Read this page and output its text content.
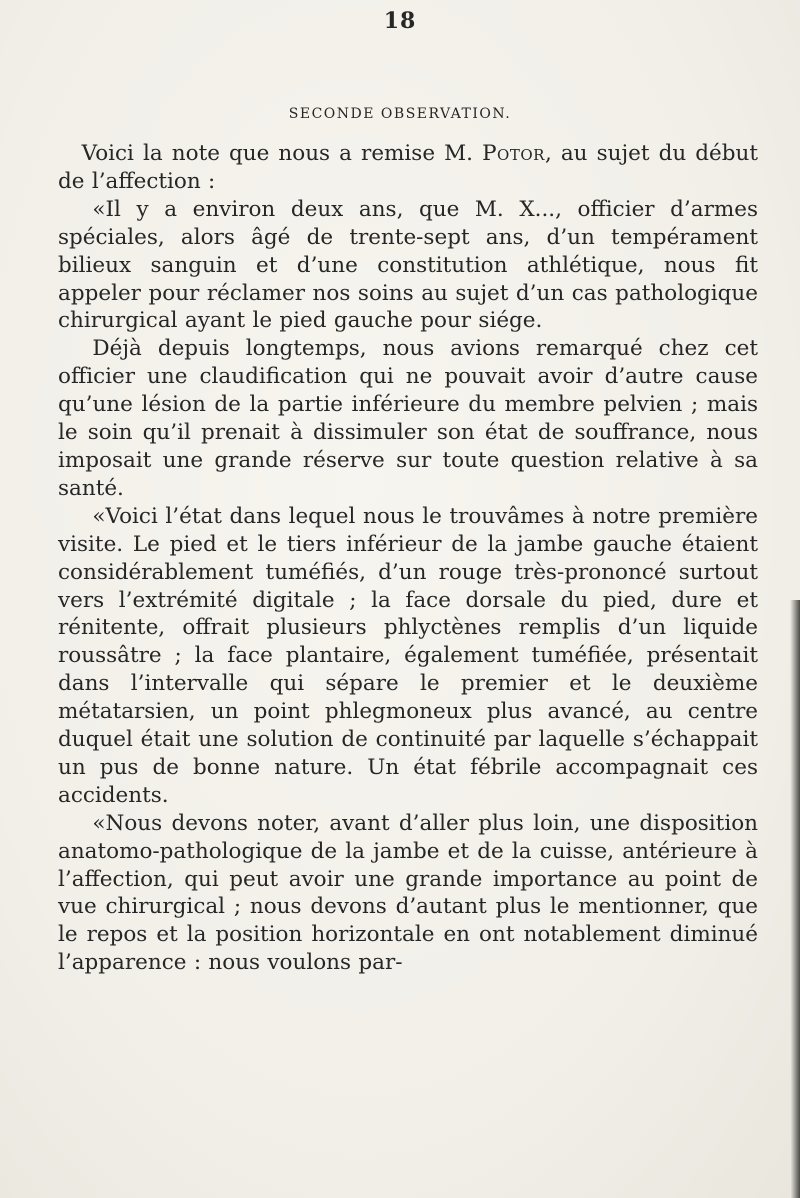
18
SECONDE OBSERVATION.

Voici la note que nous a remise M. Potor, au sujet du début de l’affection :

«Il y a environ deux ans, que M. X..., officier d’armes spéciales, alors âgé de trente-sept ans, d’un tempérament bilieux sanguin et d’une constitution athlétique, nous fit appeler pour réclamer nos soins au sujet d’un cas pathologique chirurgical ayant le pied gauche pour siége.

Déjà depuis longtemps, nous avions remarqué chez cet officier une claudification qui ne pouvait avoir d’autre cause qu’une lésion de la partie inférieure du membre pelvien ; mais le soin qu’il prenait à dissimuler son état de souffrance, nous imposait une grande réserve sur toute question relative à sa santé.

«Voici l’état dans lequel nous le trouvâmes à notre première visite. Le pied et le tiers inférieur de la jambe gauche étaient considérablement tuméfiés, d’un rouge très-prononcé surtout vers l’extrémité digitale ; la face dorsale du pied, dure et rénitente, offrait plusieurs phlyctènes remplis d’un liquide roussâtre ; la face plantaire, également tuméfiée, présentait dans l’intervalle qui sépare le premier et le deuxième métatarsien, un point phlegmoneux plus avancé, au centre duquel était une solution de continuité par laquelle s’échappait un pus de bonne nature. Un état fébrile accompagnait ces accidents.

«Nous devons noter, avant d’aller plus loin, une disposition anatomo-pathologique de la jambe et de la cuisse, antérieure à l’affection, qui peut avoir une grande importance au point de vue chirurgical ; nous devons d’autant plus le mentionner, que le repos et la position horizontale en ont notablement diminué l’apparence : nous voulons par-
